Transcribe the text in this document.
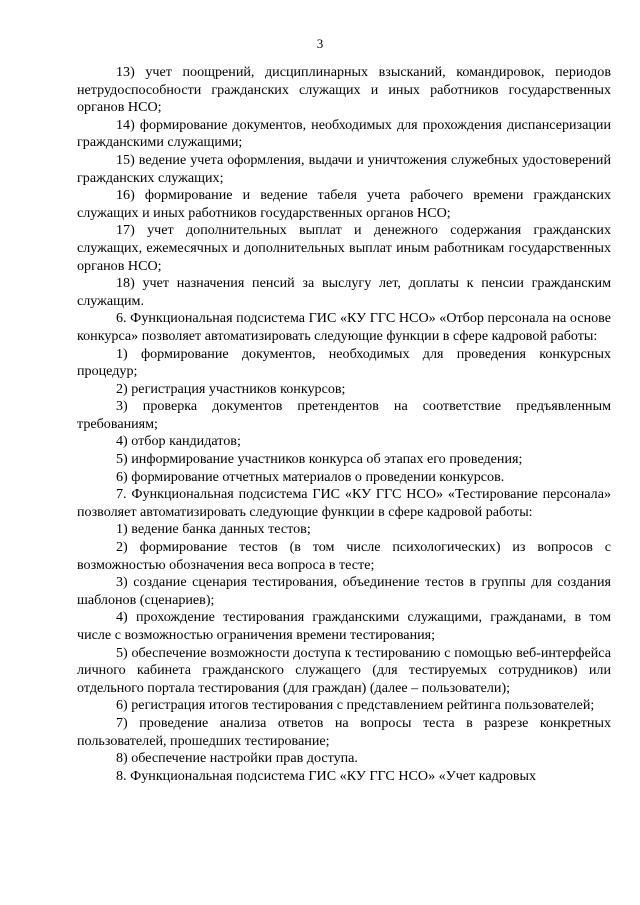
3

13) учет поощрений, дисциплинарных взысканий, командировок, периодов нетрудоспособности гражданских служащих и иных работников государственных органов НСО;

14) формирование документов, необходимых для прохождения диспансеризации гражданскими служащими;

15) ведение учета оформления, выдачи и уничтожения служебных удостоверений гражданских служащих;

16) формирование и ведение табеля учета рабочего времени гражданских служащих и иных работников государственных органов НСО;

17) учет дополнительных выплат и денежного содержания гражданских служащих, ежемесячных и дополнительных выплат иным работникам государственных органов НСО;

18) учет назначения пенсий за выслугу лет, доплаты к пенсии гражданским служащим.

6. Функциональная подсистема ГИС «КУ ГГС НСО» «Отбор персонала на основе конкурса» позволяет автоматизировать следующие функции в сфере кадровой работы:

1) формирование документов, необходимых для проведения конкурсных процедур;

2) регистрация участников конкурсов;

3) проверка документов претендентов на соответствие предъявленным требованиям;

4) отбор кандидатов;

5) информирование участников конкурса об этапах его проведения;

6) формирование отчетных материалов о проведении конкурсов.

7. Функциональная подсистема ГИС «КУ ГГС НСО» «Тестирование персонала» позволяет автоматизировать следующие функции в сфере кадровой работы:

1) ведение банка данных тестов;

2) формирование тестов (в том числе психологических) из вопросов с возможностью обозначения веса вопроса в тесте;

3) создание сценария тестирования, объединение тестов в группы для создания шаблонов (сценариев);

4) прохождение тестирования гражданскими служащими, гражданами, в том числе с возможностью ограничения времени тестирования;

5) обеспечение возможности доступа к тестированию с помощью веб-интерфейса личного кабинета гражданского служащего (для тестируемых сотрудников) или отдельного портала тестирования (для граждан) (далее – пользователи);

6) регистрация итогов тестирования с представлением рейтинга пользователей;

7) проведение анализа ответов на вопросы теста в разрезе конкретных пользователей, прошедших тестирование;

8) обеспечение настройки прав доступа.

8. Функциональная подсистема ГИС «КУ ГГС НСО» «Учет кадровых
